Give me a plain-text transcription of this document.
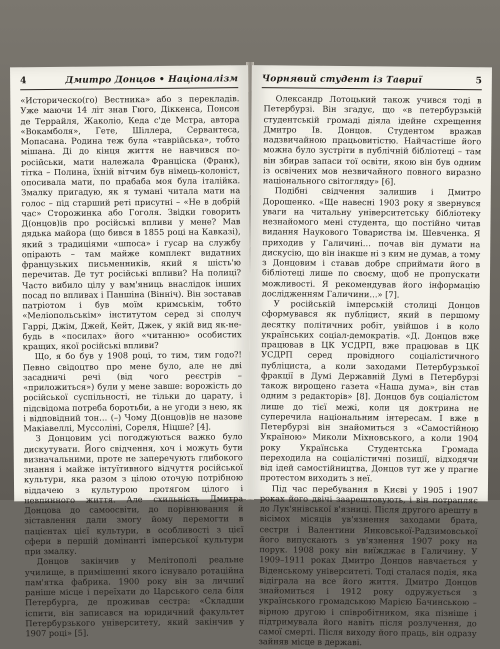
4	Дмитро Донцов • Націоналізм

«Историческо(го) Вестника» або з перекладів. Уже маючи 14 літ знав Гюго, Діккенса, Понсон де Террайля, Жаколіо, Кеда с'де Мстра, автора «Вокамболя», Гете, Шіллера, Сервантеса, Мопасана. Родина теж була «таврійська», тобто мішана. Ді до кінця життя не навчився по-російськи, мати належала Франціска (Франк), тітка – Полина, їхній вітчим був німець-колоніст, опосивала мати, по прабаба моя була італійка. Змалку пригадую, як я тумані читала мати на голос – під старший реті присутні – «Не в добрій час» Сторожинка або Гоголя. Звідки говорить Д(онцов)ів про російські впливи у мене? Мав дядька майора (що бився в 1855 році на Кавказі), який з традиціями «шпоса» і гусар на службу опірають – там майже комплект видатних французьких письменників, який я шість'ю перечитав. Де тут російські впливи? На полиці? Часто вибило цілу у вам'яниць внаслідок інших посад по впливах і Паншіна (Вінніч). Він зоставав патріотом і був моїм кримськім, тобто «Меліопольськім» інститутом серед зі сполуч Гаррі, Джім, Джей, Кейт, Джек, у якій вид як-не-будь в «посилах» його «читанню» особистих кращих, якої російські впливи?

Що, я бо був у 1908 році, то тим, тим годо?! Певно свідоцтво про мене було, але не дві засадничі речі (від чого реєстрів – «приложиться») були у мене завше: ворожість до російської суспільності, не тільки до царату, і підсвідома потреба боротьби, а не угоди з нею, як і відповідний тон… (–) Чому Д(онцов)ів не назове Макіавеллі, Муссоліні, Сореля, Ніцше? [4].

З Донцовим усі погоджуються важко було дискутувати. Його свідчення, хоч і можуть бути визначальними, проте не заперечують глибокого знання і майже інтуїтивного відчуття російської культури, яка разом з цілою оточую потрібною віддачею з культурою протягом цілого і невпинного життя. Але схильність Дмитра Донцова до самоосвіти, до порівнювання й зіставлення дали змогу йому перемогти в пацієнтах цієї культури, в особливості з цієї сфери в першій домінанті імперської культури при змалку.

Донцов закінчив у Мелітополі реальне училище, в примішенні якого існувало ротаційна пам'ятка фабрика. 1900 року він за личшиї раніше місце і переїхати до Царського села біля Петербурга, де проживав сестра: «Складши іспити, він записався на юридичний факультет Петербурзького університету, який закінчив у 1907 році» [5].

Чорнявий студент із Тавриї	5

Олександр Лотоцький також учився тоді в Петербурзі. Він згадує, що «в петербурзькій студентській громаді діяла ідейне схрещення Дмитро Ів. Донцов. Студентом вражав надзвичайною працьовитістю. Найчастіше його можна було зустріти в публічній бібліотеці – там він збирав запаси тої освіти, якою він був одним із освічених мов незвичайного повного виразно національного світогляду» [6].

Подібні свідчення залишив і Дмитро Дорошенко. «Ще навесні 1903 року я звернувся уваги на читальну університетську бібліотеку незнайомого мені студента, що постійно читав видання Наукового Товариства ім. Шевченка. Я приходив у Галичині… почав він думати на дискусію, що він інакше ні з ким не думав, а тому з Донцовим і ставав добре сприймати його в бібліотеці лише по своєму, щоб не пропускати можливості. Я рекомендував його інформацію дослідженням Галичини…» [7].

У російській імперській столиці Донцов сформувався як публіцист, який в першому десятку політичних робіт, увійшов і в коло українських соціал-демократів. «Д. Донцов вже працював в ЦК УСДРП, вже працював в ЦК УСДРП серед провідного соціалістичного публіциста, а коли заходами Петербурзької фракції в Думі Державній Думі в Петербурзі також вирощено газета «Наша думa», він став одним з редакторів» [8]. Донцов був соціалістом лише до тієї межі, коли ця доктрина не суперечила національним інтересам. І вже в Петербурзі він знайомиться з «Самостійною Україною» Миколи Міхновського, а коли 1904 року Українська Студентська Громада переходила на соціалістичні позиції, відходячи від ідей самостійництва, Донцов тут же у прагне протестом виходить з неї.

Під час перебування в Києві у 1905 і 1907 роках його двічі заарештовують, і він потрапляє до Лук'янівської в'язниці. Після другого арешту в вісімох місяців ув'язнення заходами брата, сестри і Валентини Янковської-Радзимовської його випускають з ув'язнення 1907 року на порук. 1908 року він виїжджає в Галичину. У 1909–1911 роках Дмитро Донцов навчається у Віденському університеті. Тоді сталася подія, яка відіграла на все його життя. Дмитро Донцов знайомиться і 1912 року одружується з українського громадською Марією Бачинською – вірною другою і співробітником, яка пізніше і підтримувала його навіть після розлучення, до самої смерті. Після виходу його праць, він одразу зайняв місце в державі.
